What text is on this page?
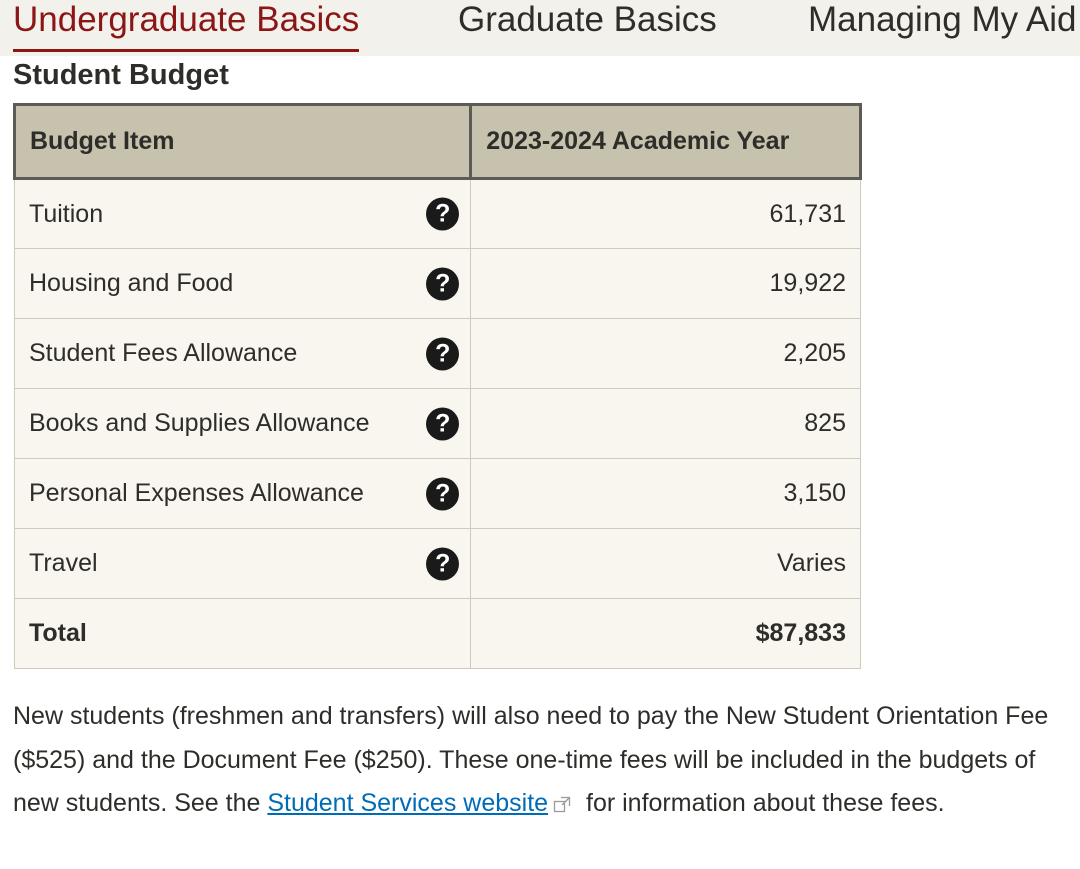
Undergraduate Basics	Graduate Basics	Managing My Aid
Student Budget
Budget Item	2023-2024 Academic Year
Tuition ?	61,731
Housing and Food ?	19,922
Student Fees Allowance ?	2,205
Books and Supplies Allowance ?	825
Personal Expenses Allowance ?	3,150
Travel ?	Varies
Total	$87,833

New students (freshmen and transfers) will also need to pay the New Student Orientation Fee ($525) and the Document Fee ($250). These one-time fees will be included in the budgets of new students. See the Student Services website for information about these fees.
